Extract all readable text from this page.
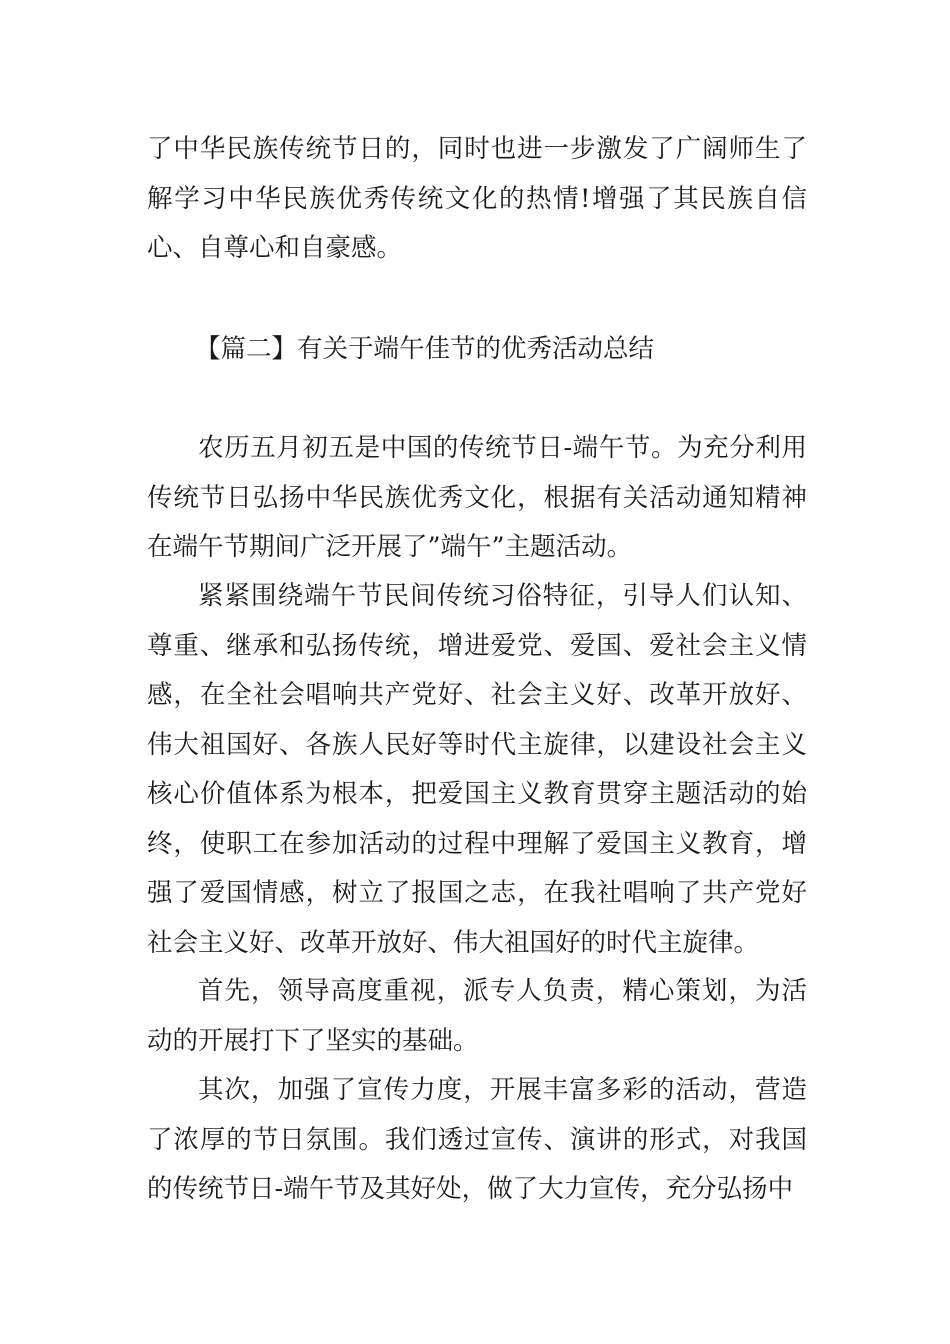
了中华民族传统节日的，同时也进一步激发了广阔师生了解学习中华民族优秀传统文化的热情!增强了其民族自信心、自尊心和自豪感。

【篇二】有关于端午佳节的优秀活动总结

农历五月初五是中国的传统节日-端午节。为充分利用传统节日弘扬中华民族优秀文化，根据有关活动通知精神在端午节期间广泛开展了”端午”主题活动。

紧紧围绕端午节民间传统习俗特征，引导人们认知、尊重、继承和弘扬传统，增进爱党、爱国、爱社会主义情感，在全社会唱响共产党好、社会主义好、改革开放好、伟大祖国好、各族人民好等时代主旋律，以建设社会主义核心价值体系为根本，把爱国主义教育贯穿主题活动的始终，使职工在参加活动的过程中理解了爱国主义教育，增强了爱国情感，树立了报国之志，在我社唱响了共产党好社会主义好、改革开放好、伟大祖国好的时代主旋律。

首先，领导高度重视，派专人负责，精心策划，为活动的开展打下了坚实的基础。

其次，加强了宣传力度，开展丰富多彩的活动，营造了浓厚的节日氛围。我们透过宣传、演讲的形式，对我国的传统节日-端午节及其好处，做了大力宣传，充分弘扬中
